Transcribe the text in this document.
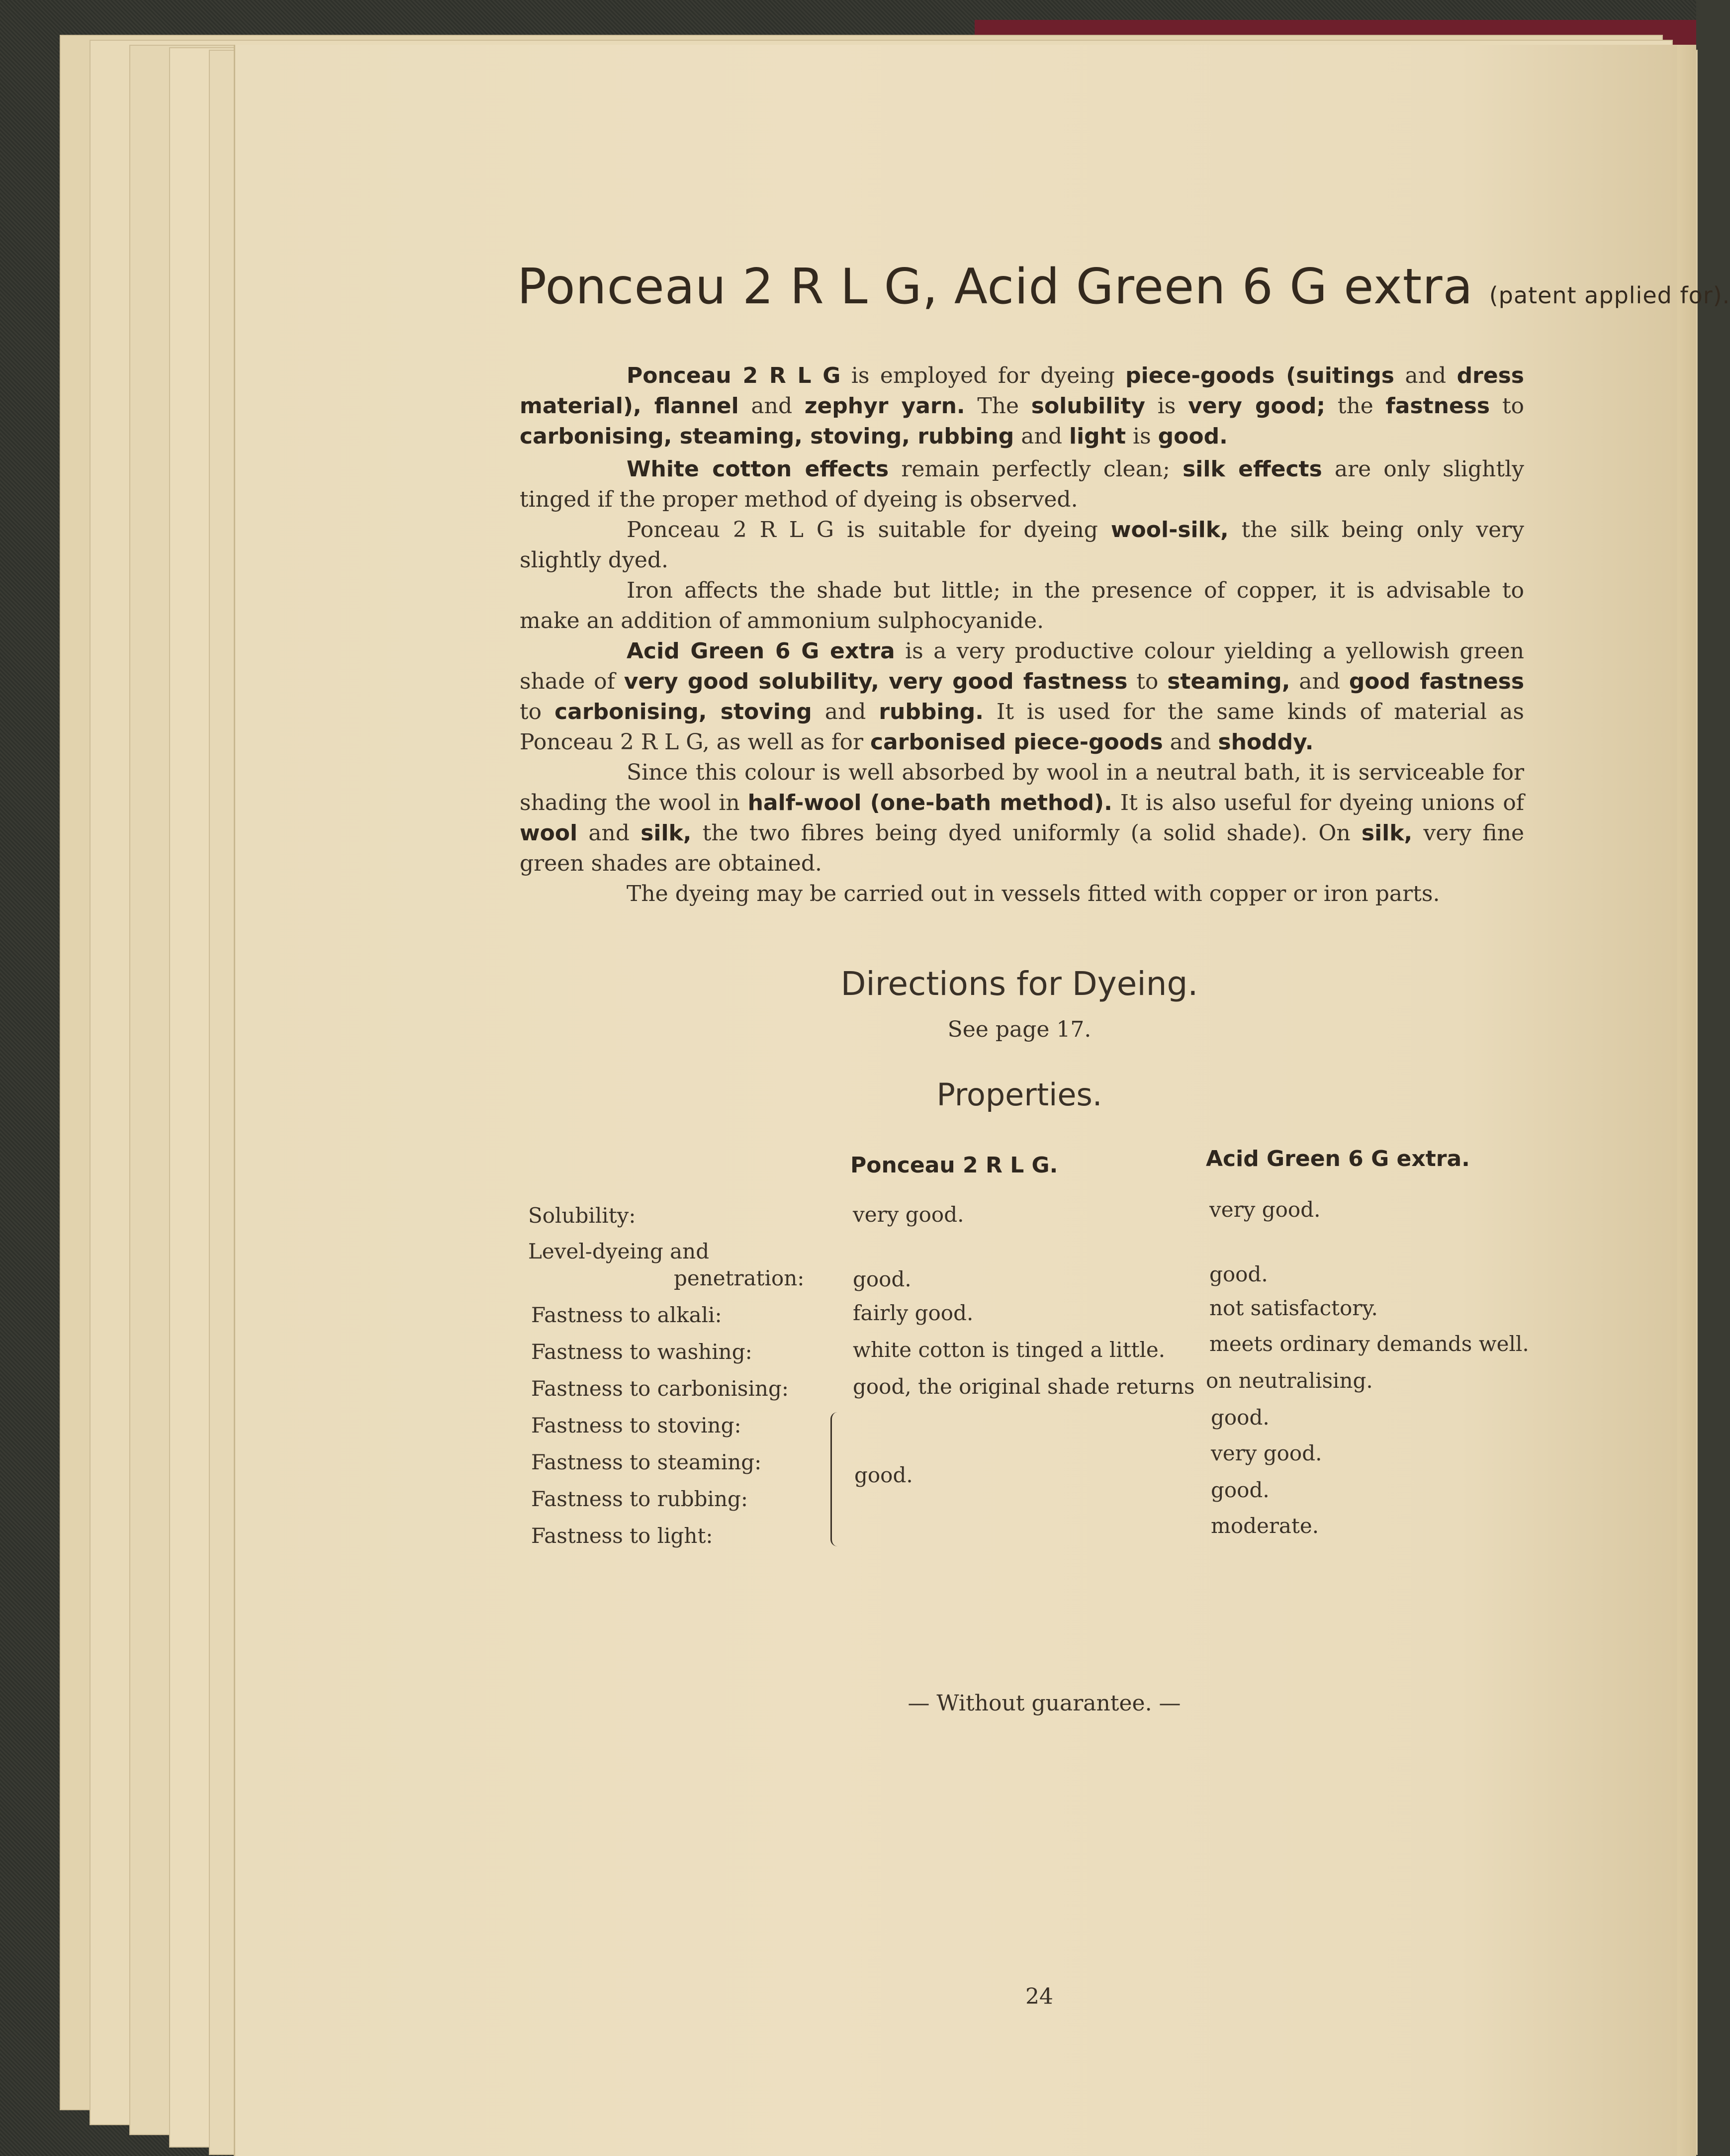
Ponceau 2 R L G, Acid Green 6 G extra (patent applied for).
Ponceau 2 R L G is employed for dyeing piece-goods (suitings and dress material), flannel and zephyr yarn. The solubility is very good; the fastness to carbonising, steaming, stoving, rubbing and light is good.
White cotton effects remain perfectly clean; silk effects are only slightly tinged if the proper method of dyeing is observed.
Ponceau 2 R L G is suitable for dyeing wool-silk, the silk being only very slightly dyed.
Iron affects the shade but little; in the presence of copper, it is advisable to make an addition of ammonium sulphocyanide.
Acid Green 6 G extra is a very productive colour yielding a yellowish green shade of very good solubility, very good fastness to steaming, and good fastness to carbonising, stoving and rubbing. It is used for the same kinds of material as Ponceau 2 R L G, as well as for carbonised piece-goods and shoddy.
Since this colour is well absorbed by wool in a neutral bath, it is serviceable for shading the wool in half-wool (one-bath method). It is also useful for dyeing unions of wool and silk, the two fibres being dyed uniformly (a solid shade). On silk, very fine green shades are obtained.
The dyeing may be carried out in vessels fitted with copper or iron parts.
Directions for Dyeing.
See page 17.
Properties.
Ponceau 2 R L G.	Acid Green 6 G extra.
Solubility:
Level-dyeing and
penetration:
Fastness to alkali:
Fastness to washing:
Fastness to carbonising:
Fastness to stoving:
Fastness to steaming:
Fastness to rubbing:
Fastness to light:
very good.
good.
fairly good.
white cotton is tinged a little.
good, the original shade returns
good.
very good.
good.
not satisfactory.
meets ordinary demands well.
on neutralising.
good.
very good.
good.
moderate.
— Without guarantee. —
24
